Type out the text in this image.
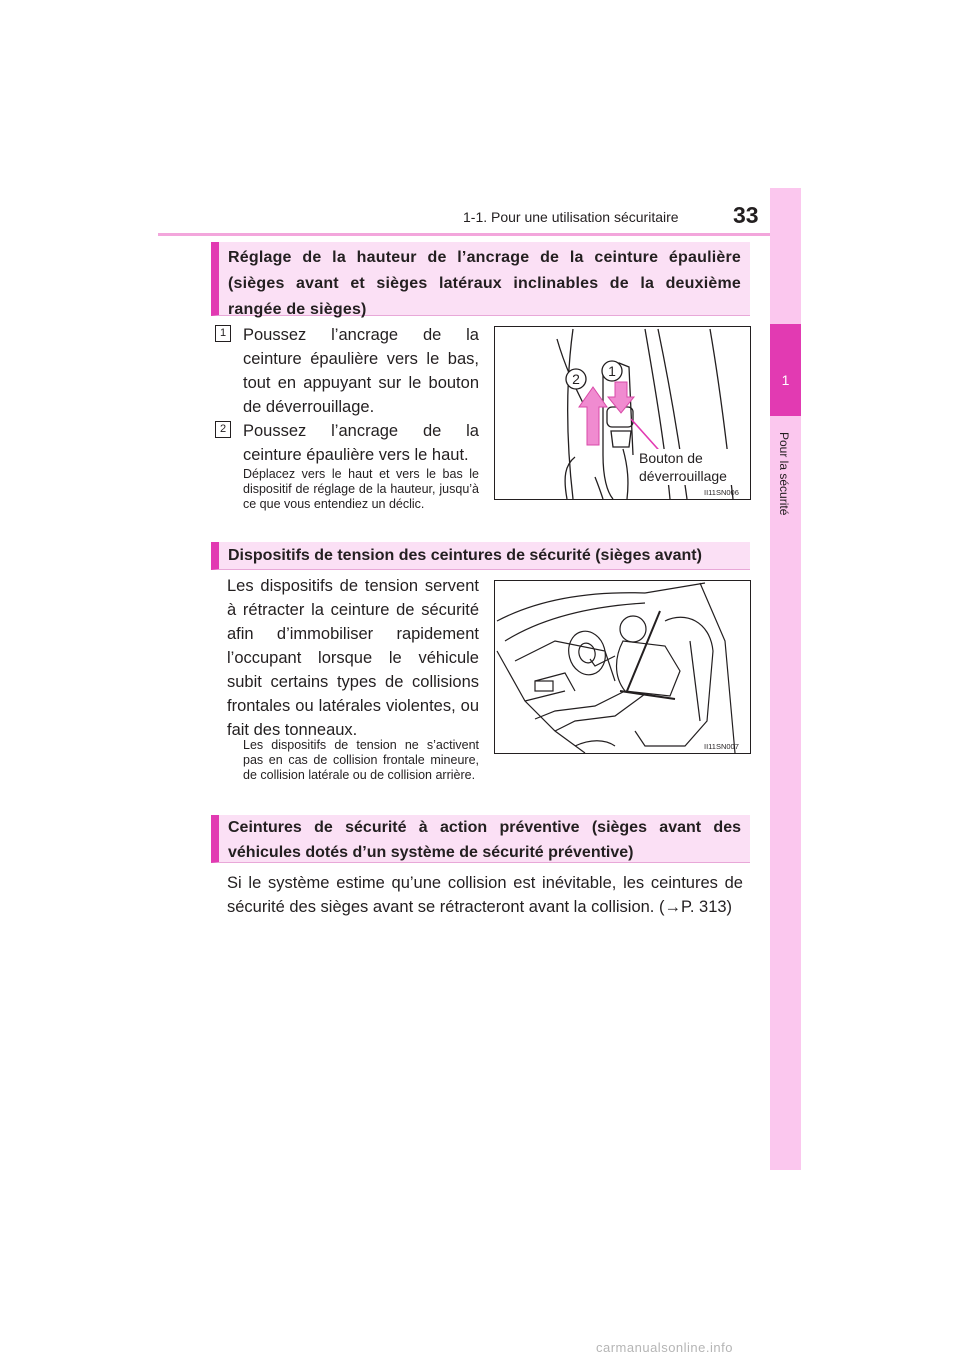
1-1. Pour une utilisation sécuritaire 33
1
Pour la sécurité
Réglage de la hauteur de l’ancrage de la ceinture épaulière (sièges avant et sièges latéraux inclinables de la deuxième rangée de sièges)
1 Poussez l’ancrage de la ceinture épaulière vers le bas, tout en appuyant sur le bouton de déverrouillage.
2 Poussez l’ancrage de la ceinture épaulière vers le haut.
Déplacez vers le haut et vers le bas le dispositif de réglage de la hauteur, jusqu’à ce que vous entendiez un déclic.
2 1
Bouton de déverrouillage
II11SN006
Dispositifs de tension des ceintures de sécurité (sièges avant)
Les dispositifs de tension servent à rétracter la ceinture de sécurité afin d’immobiliser rapidement l’occupant lorsque le véhicule subit certains types de collisions frontales ou latérales violentes, ou fait des tonneaux.
Les dispositifs de tension ne s’activent pas en cas de collision frontale mineure, de collision latérale ou de collision arrière.
II11SN007
Ceintures de sécurité à action préventive (sièges avant des véhicules dotés d’un système de sécurité préventive)
Si le système estime qu’une collision est inévitable, les ceintures de sécurité des sièges avant se rétracteront avant la collision. (→P. 313)
carmanualsonline.info
